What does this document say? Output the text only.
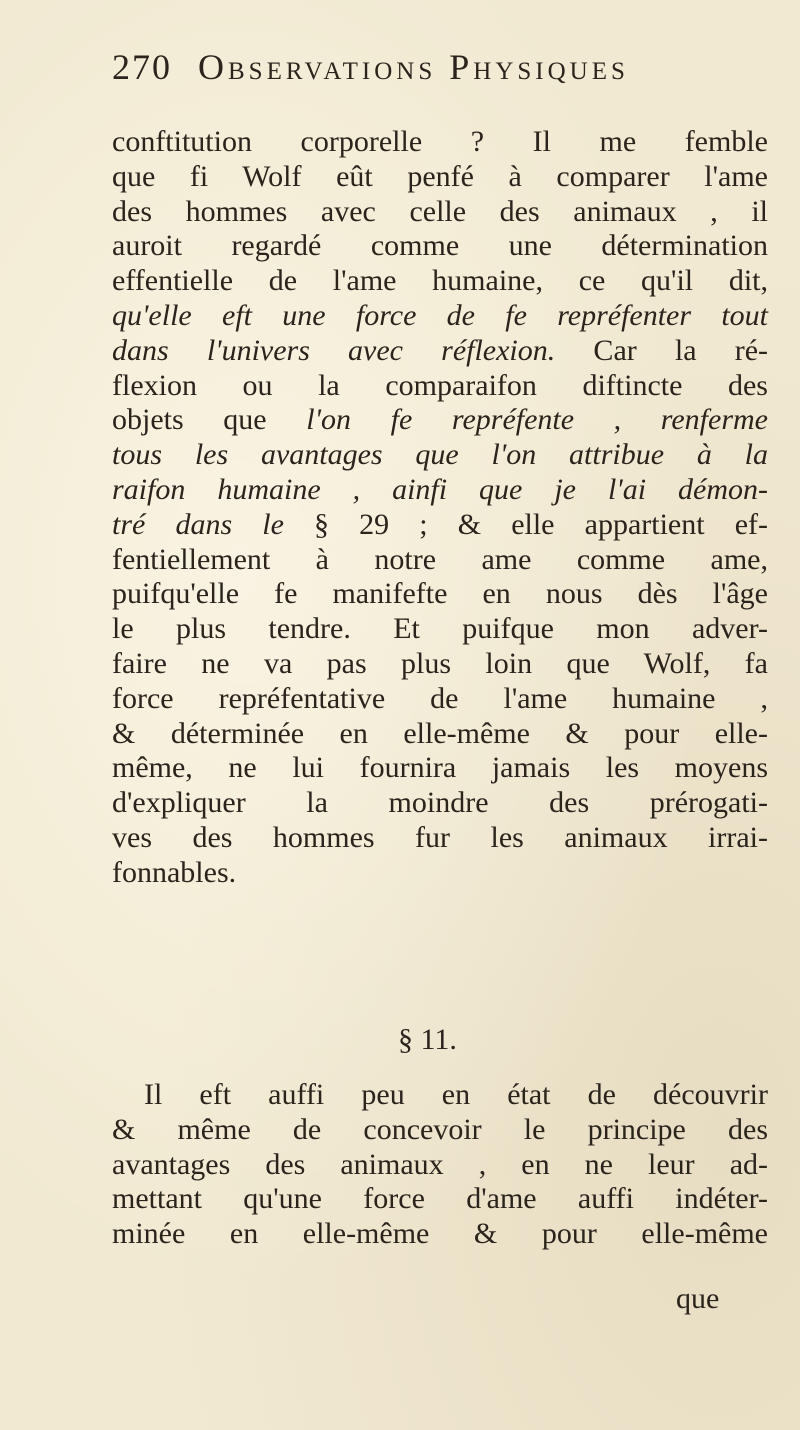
270 Observations Physiques
conftitution corporelle ? Il me femble
que fi Wolf eût penfé à comparer l'ame
des hommes avec celle des animaux , il
auroit regardé comme une détermination
effentielle de l'ame humaine, ce qu'il dit,
qu'elle eft une force de fe repréfenter tout
dans l'univers avec réflexion. Car la ré-
flexion ou la comparaifon diftincte des
objets que l'on fe repréfente , renferme
tous les avantages que l'on attribue à la
raifon humaine , ainfi que je l'ai démon-
tré dans le § 29 ; & elle appartient ef-
fentiellement à notre ame comme ame,
puifqu'elle fe manifefte en nous dès l'âge
le plus tendre. Et puifque mon adver-
faire ne va pas plus loin que Wolf, fa
force repréfentative de l'ame humaine ,
& déterminée en elle-même & pour elle-
même, ne lui fournira jamais les moyens
d'expliquer la moindre des prérogati-
ves des hommes fur les animaux irrai-
fonnables.
§ 11.
Il eft auffi peu en état de découvrir
& même de concevoir le principe des
avantages des animaux , en ne leur ad-
mettant qu'une force d'ame auffi indéter-
minée en elle-même & pour elle-même
que
